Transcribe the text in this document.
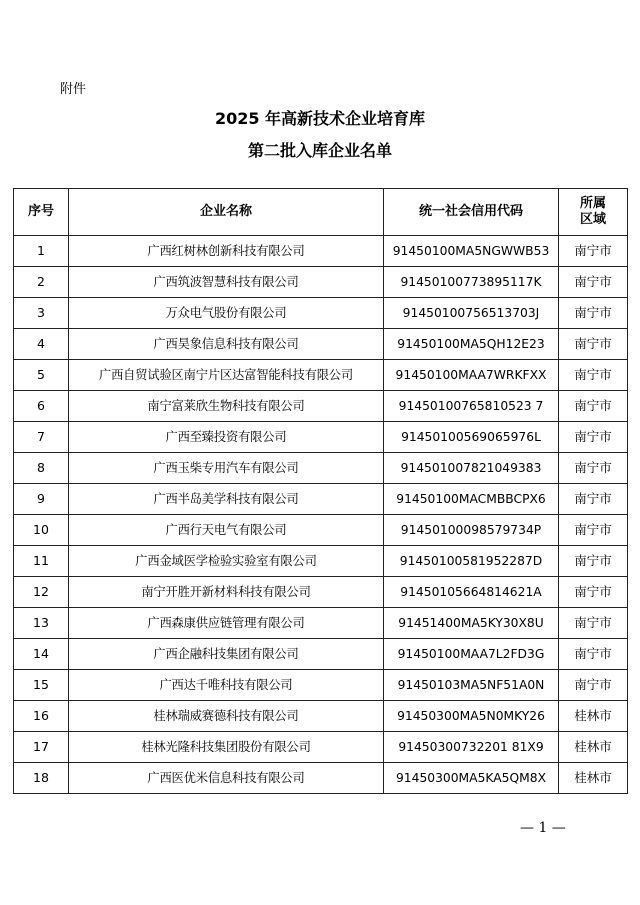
附件
2025 年高新技术企业培育库
第二批入库企业名单
序号	企业名称	统一社会信用代码	所属
区域
1	广西红树林创新科技有限公司	91450100MA5NGWWB53	南宁市
2	广西筑波智慧科技有限公司	91450100773895117K	南宁市
3	万众电气股份有限公司	91450100756513703J	南宁市
4	广西昊象信息科技有限公司	91450100MA5QH12E23	南宁市
5	广西自贸试验区南宁片区达富智能科技有限公司	91450100MAA7WRKFXX	南宁市
6	南宁富莱欣生物科技有限公司	91450100765810523 7	南宁市
7	广西至臻投资有限公司	91450100569065976L	南宁市
8	广西玉柴专用汽车有限公司	914501007821049383	南宁市
9	广西半岛美学科技有限公司	91450100MACMBBCPX6	南宁市
10	广西行天电气有限公司	91450100098579734P	南宁市
11	广西金域医学检验实验室有限公司	91450100581952287D	南宁市
12	南宁开胜开新材料科技有限公司	91450105664814621A	南宁市
13	广西森康供应链管理有限公司	91451400MA5KY30X8U	南宁市
14	广西企融科技集团有限公司	91450100MAA7L2FD3G	南宁市
15	广西达千唯科技有限公司	91450103MA5NF51A0N	南宁市
16	桂林瑞威赛德科技有限公司	91450300MA5N0MKY26	桂林市
17	桂林光隆科技集团股份有限公司	91450300732201 81X9	桂林市
18	广西医优米信息科技有限公司	91450300MA5KA5QM8X	桂林市
— 1 —
